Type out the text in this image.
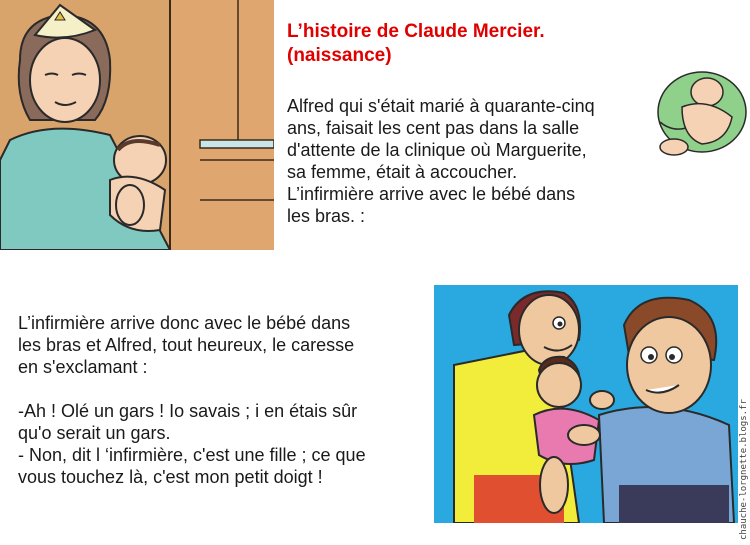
L’histoire de Claude Mercier.
(naissance)

Alfred qui s'était marié à quarante-cinq
ans, faisait les cent pas dans la salle
d'attente de la clinique où Marguerite,
sa femme, était à accoucher.
L’infirmière arrive avec le bébé dans
les bras. :

L’infirmière arrive donc avec le bébé dans
les bras et Alfred, tout heureux, le caresse
en s'exclamant :
-Ah ! Olé un gars ! Io savais ; i en étais sûr
qu'o serait un gars.
- Non, dit l ‘infirmière, c'est une fille ; ce que
vous touchez là, c'est mon petit doigt !	chauche-lorgnette.blogs.fr
